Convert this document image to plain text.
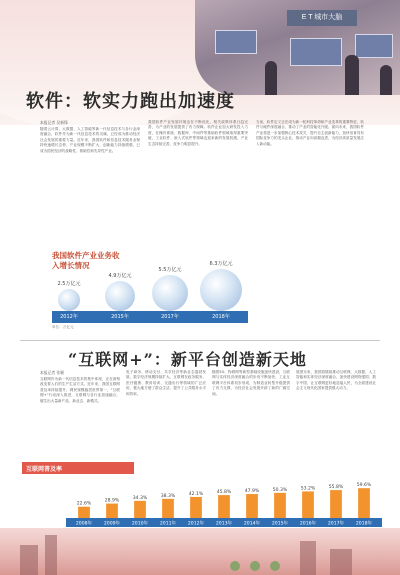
E T 城市大脑
软件：软实力跑出加速度
本报记者 吴新锋
随着云计算、大数据、人工智能等新一代信息技术与各行业深度融合，软件作为新一代信息技术的灵魂，已经成为推动经济社会发展的重要力量。近年来，我国软件和信息技术服务业保持快速增长态势，产业规模不断扩大，创新能力持续增强，已成为国民经济的战略性、基础性和先导性产业。
我国软件产业发展环境也在不断优化，相关政策体系日趋完善，为产业的发展提供了有力保障。软件企业加大研发投入力度，在操作系统、数据库、中间件等基础软件领域取得重要突破，工业软件、嵌入式软件等领域也迎来新的发展机遇，产业生态持续完善，竞争力明显提升。
当前，软件定义正在成为新一轮科技革命和产业变革的重要特征，软件与硬件深度融合，推动了产业的智能化升级。面向未来，我国软件产业将进一步加强核心技术攻关，提升自主创新能力，加快培育具有国际竞争力的龙头企业，推动产业向高端迈进，为经济高质量发展注入新动能。
我国软件产业业务收入增长情况
2.5万亿元
4.9万亿元
5.5万亿元
6.3万亿元
2012年	2015年	2017年	2018年
单位：万亿元
“互联网+”：新平台创造新天地
本报记者 张颖
互联网作为新一代信息技术的集中体现，正在深刻改变着人们的生产生活方式。近年来，我国互联网普及率持续提升，网民规模稳居世界第一，“互联网+”行动深入推进，互联网与各行业加速融合，催生出大量新产品、新业态、新模式。
电子商务、移动支付、共享经济等新业态蓬勃发展，数字经济规模持续扩大。互联网在政务服务、医疗健康、教育培训、交通出行等领域的广泛应用，极大地方便了群众生活，提升了公共服务水平和效率。
随着5G、物联网等新型基础设施加快建设，互联网与实体经济深度融合的步伐不断加快，工业互联网平台体系初步形成，为制造业转型升级提供了有力支撑，为经济社会发展开辟了新的广阔空间。
展望未来，我国将继续推动互联网、大数据、人工智能和实体经济深度融合，加快建设网络强国、数字中国，让互联网更好地造福人民，为全面建设社会主义现代化国家提供强大动力。
互联网普及率
22.6%
2008年
28.9%
2009年
34.3%
2010年
38.3%
2011年
42.1%
2012年
45.8%
2013年
47.9%
2014年
50.3%
2015年
53.2%
2016年
55.8%
2017年
59.6%
2018年
